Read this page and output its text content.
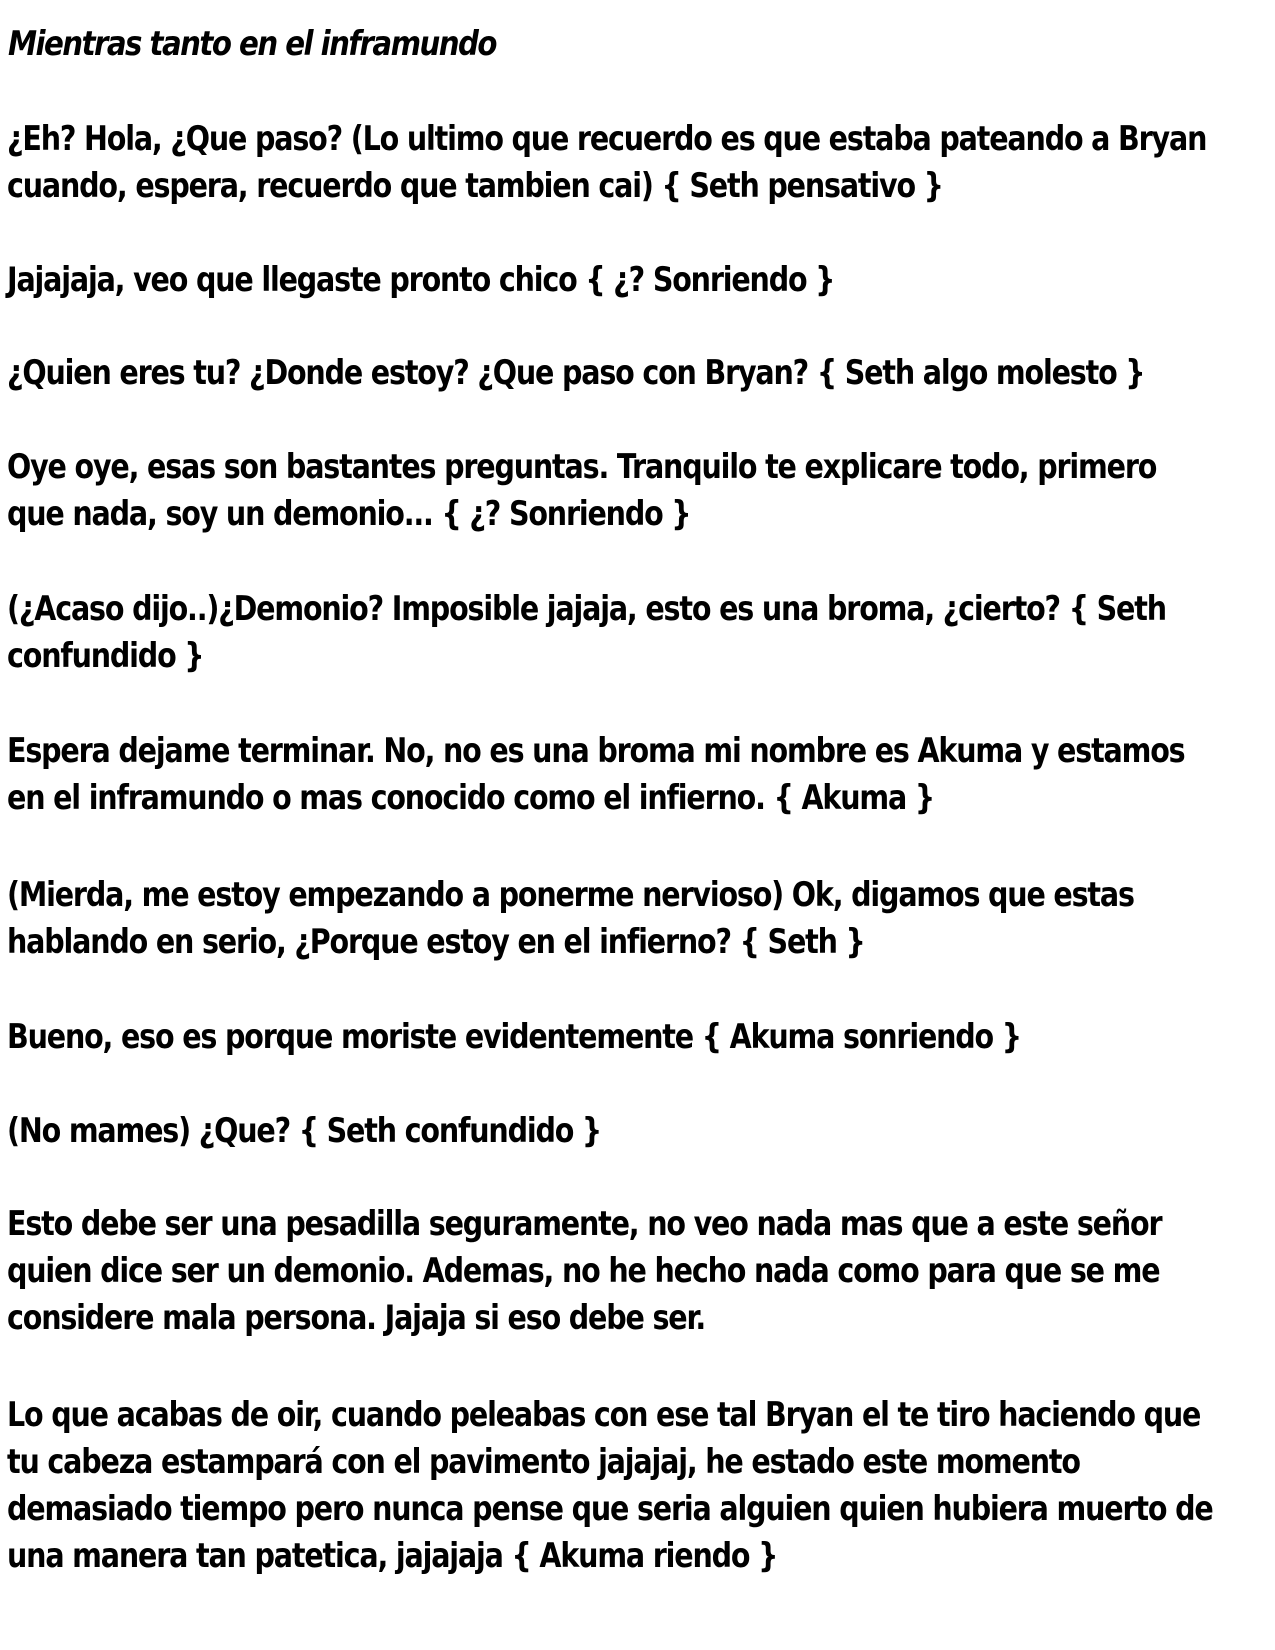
Mientras tanto en el inframundo

¿Eh? Hola, ¿Que paso? (Lo ultimo que recuerdo es que estaba pateando a Bryan cuando, espera, recuerdo que tambien cai) { Seth pensativo }

Jajajaja, veo que llegaste pronto chico { ¿? Sonriendo }

¿Quien eres tu? ¿Donde estoy? ¿Que paso con Bryan? { Seth algo molesto }

Oye oye, esas son bastantes preguntas. Tranquilo te explicare todo, primero que nada, soy un demonio... { ¿? Sonriendo }

(¿Acaso dijo..)¿Demonio? Imposible jajaja, esto es una broma, ¿cierto? { Seth confundido }

Espera dejame terminar. No, no es una broma mi nombre es Akuma y estamos en el inframundo o mas conocido como el infierno. { Akuma }

(Mierda, me estoy empezando a ponerme nervioso) Ok, digamos que estas hablando en serio, ¿Porque estoy en el infierno? { Seth }

Bueno, eso es porque moriste evidentemente { Akuma sonriendo }

(No mames) ¿Que? { Seth confundido }

Esto debe ser una pesadilla seguramente, no veo nada mas que a este señor quien dice ser un demonio. Ademas, no he hecho nada como para que se me considere mala persona. Jajaja si eso debe ser.

Lo que acabas de oir, cuando peleabas con ese tal Bryan el te tiro haciendo que tu cabeza estampará con el pavimento jajajaj, he estado este momento demasiado tiempo pero nunca pense que seria alguien quien hubiera muerto de una manera tan patetica, jajajaja { Akuma riendo }
